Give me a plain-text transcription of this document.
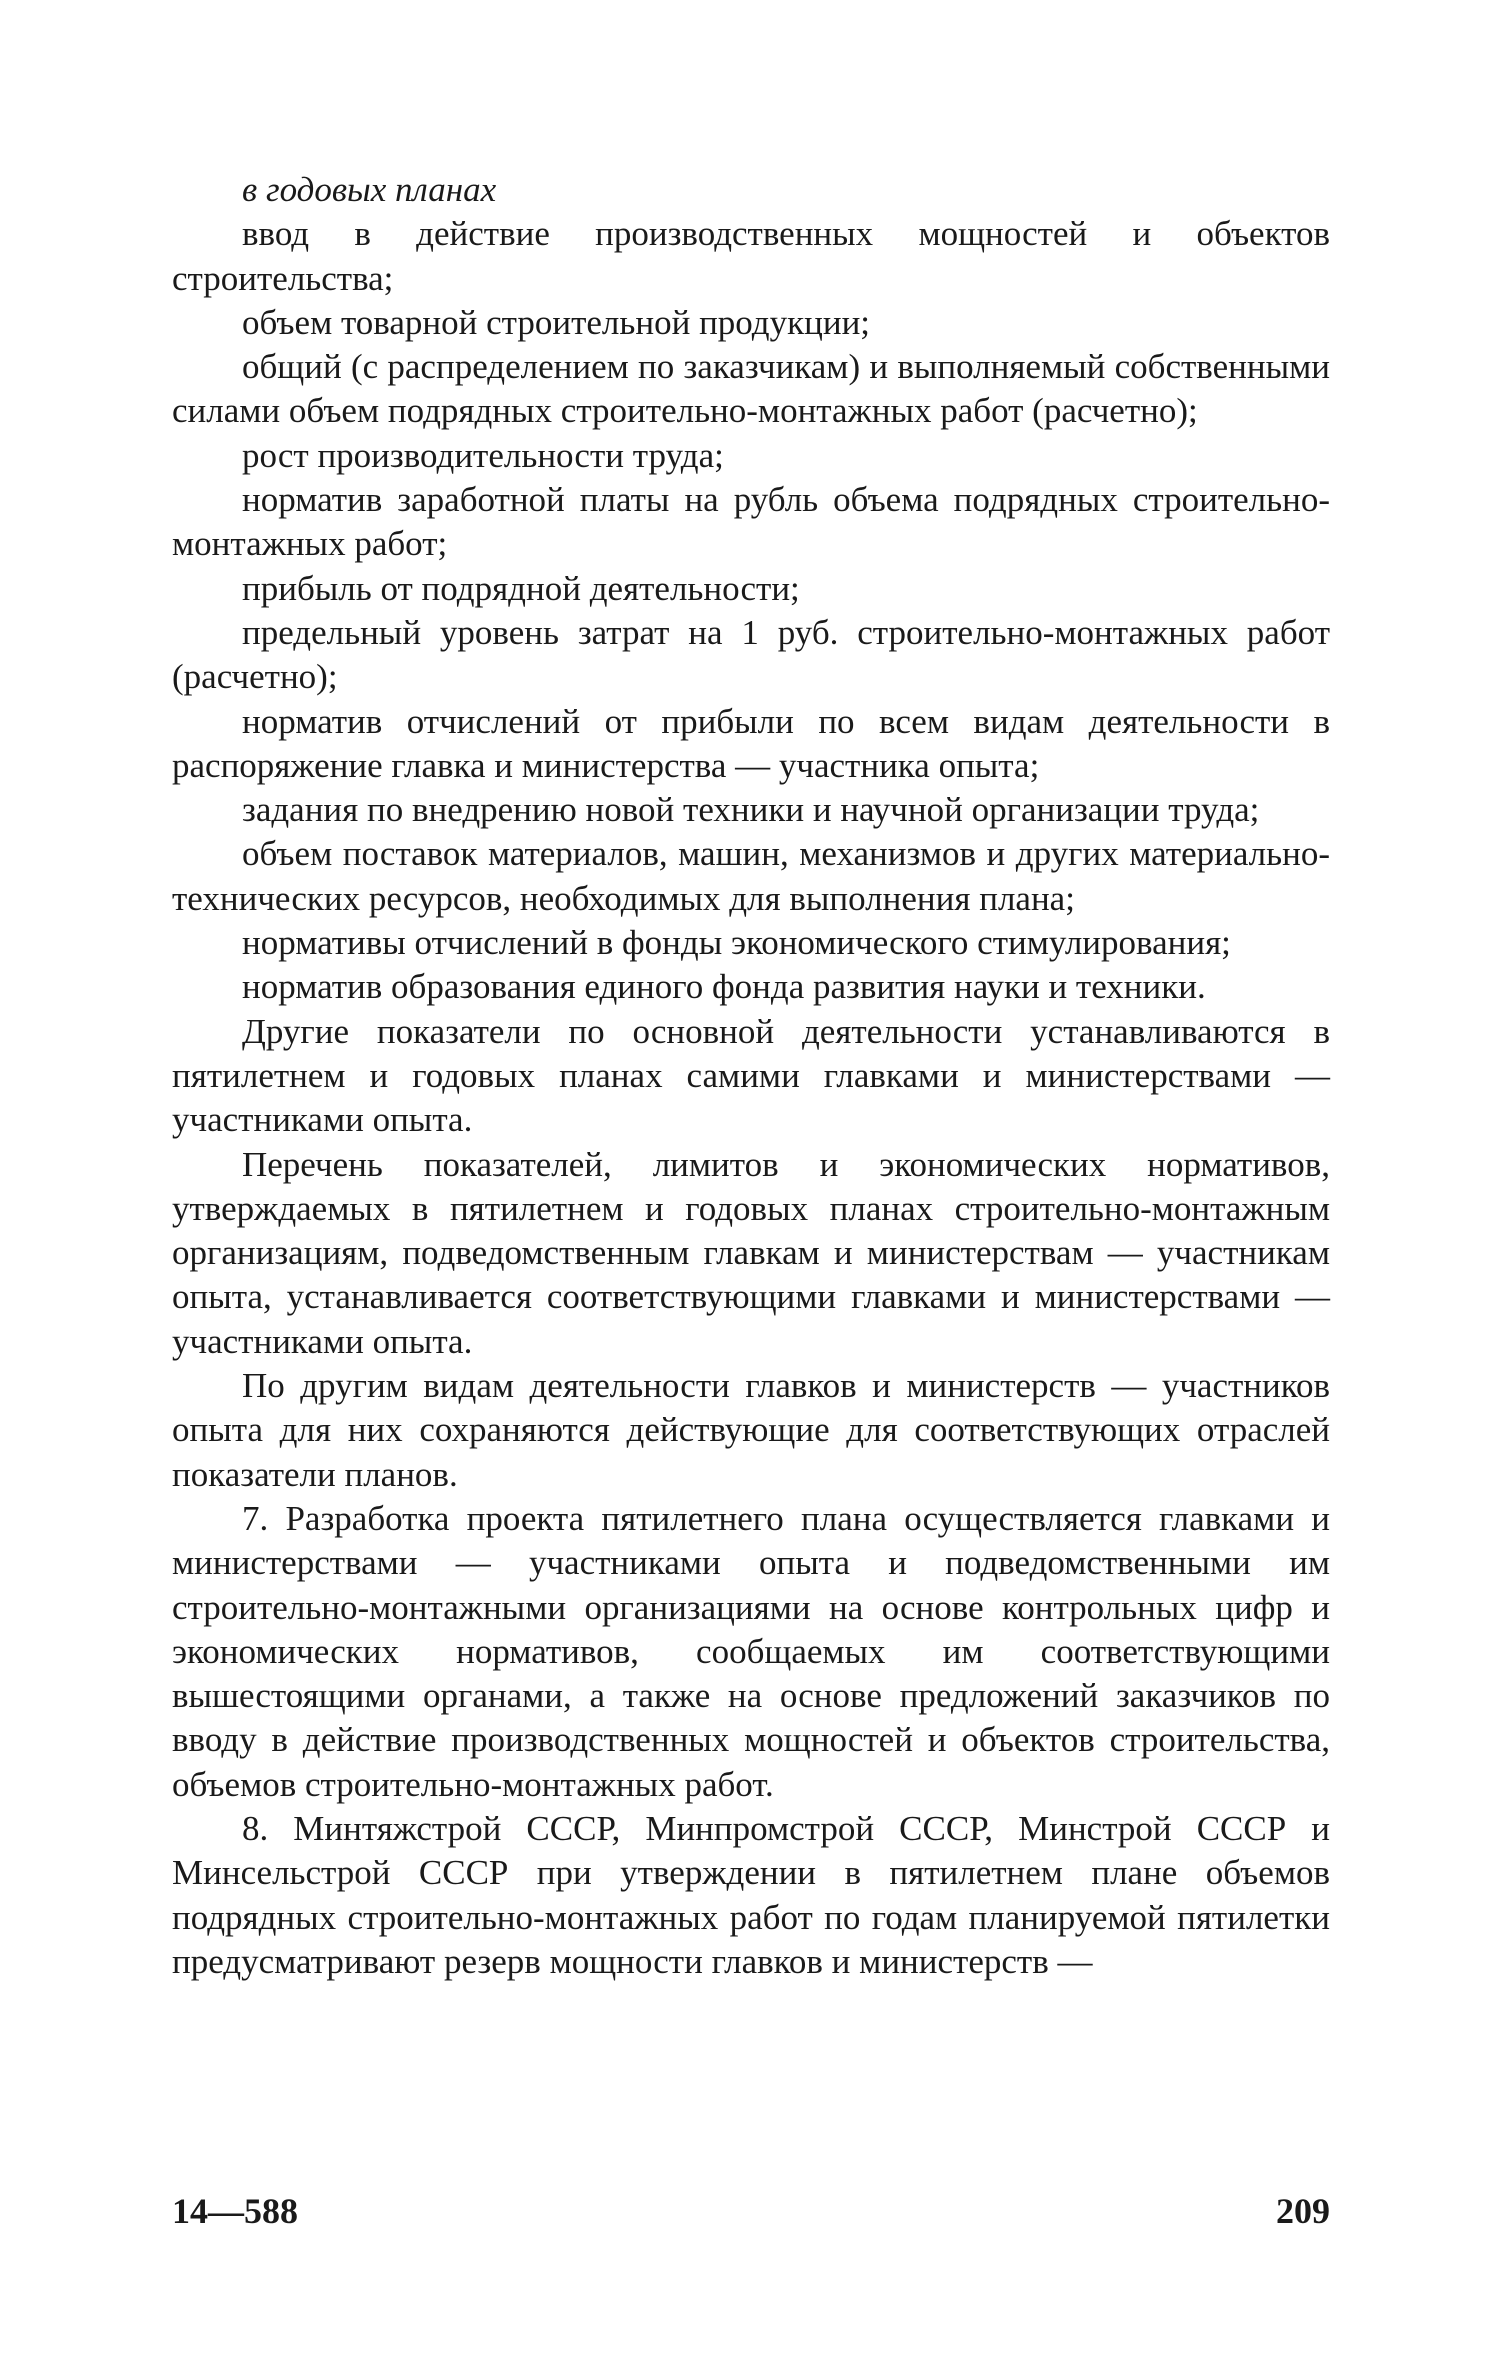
в годовых планах

ввод в действие производственных мощностей и объектов строительства;

объем товарной строительной продукции;

общий (с распределением по заказчикам) и выполняемый собственными силами объем подрядных строительно-монтажных работ (расчетно);

рост производительности труда;

норматив заработной платы на рубль объема подрядных строительно-монтажных работ;

прибыль от подрядной деятельности;

предельный уровень затрат на 1 руб. строительно-монтажных работ (расчетно);

норматив отчислений от прибыли по всем видам деятельности в распоряжение главка и министерства — участника опыта;

задания по внедрению новой техники и научной организации труда;

объем поставок материалов, машин, механизмов и других материально-технических ресурсов, необходимых для выполнения плана;

нормативы отчислений в фонды экономического стимулирования;

норматив образования единого фонда развития науки и техники.

Другие показатели по основной деятельности устанавливаются в пятилетнем и годовых планах самими главками и министерствами — участниками опыта.

Перечень показателей, лимитов и экономических нормативов, утверждаемых в пятилетнем и годовых планах строительно-монтажным организациям, подведомственным главкам и министерствам — участникам опыта, устанавливается соответствующими главками и министерствами — участниками опыта.

По другим видам деятельности главков и министерств — участников опыта для них сохраняются действующие для соответствующих отраслей показатели планов.

7. Разработка проекта пятилетнего плана осуществляется главками и министерствами — участниками опыта и подведомственными им строительно-монтажными организациями на основе контрольных цифр и экономических нормативов, сообщаемых им соответствующими вышестоящими органами, а также на основе предложений заказчиков по вводу в действие производственных мощностей и объектов строительства, объемов строительно-монтажных работ.

8. Минтяжстрой СССР, Минпромстрой СССР, Минстрой СССР и Минсельстрой СССР при утверждении в пятилетнем плане объемов подрядных строительно-монтажных работ по годам планируемой пятилетки предусматривают резерв мощности главков и министерств —

14—588	209
